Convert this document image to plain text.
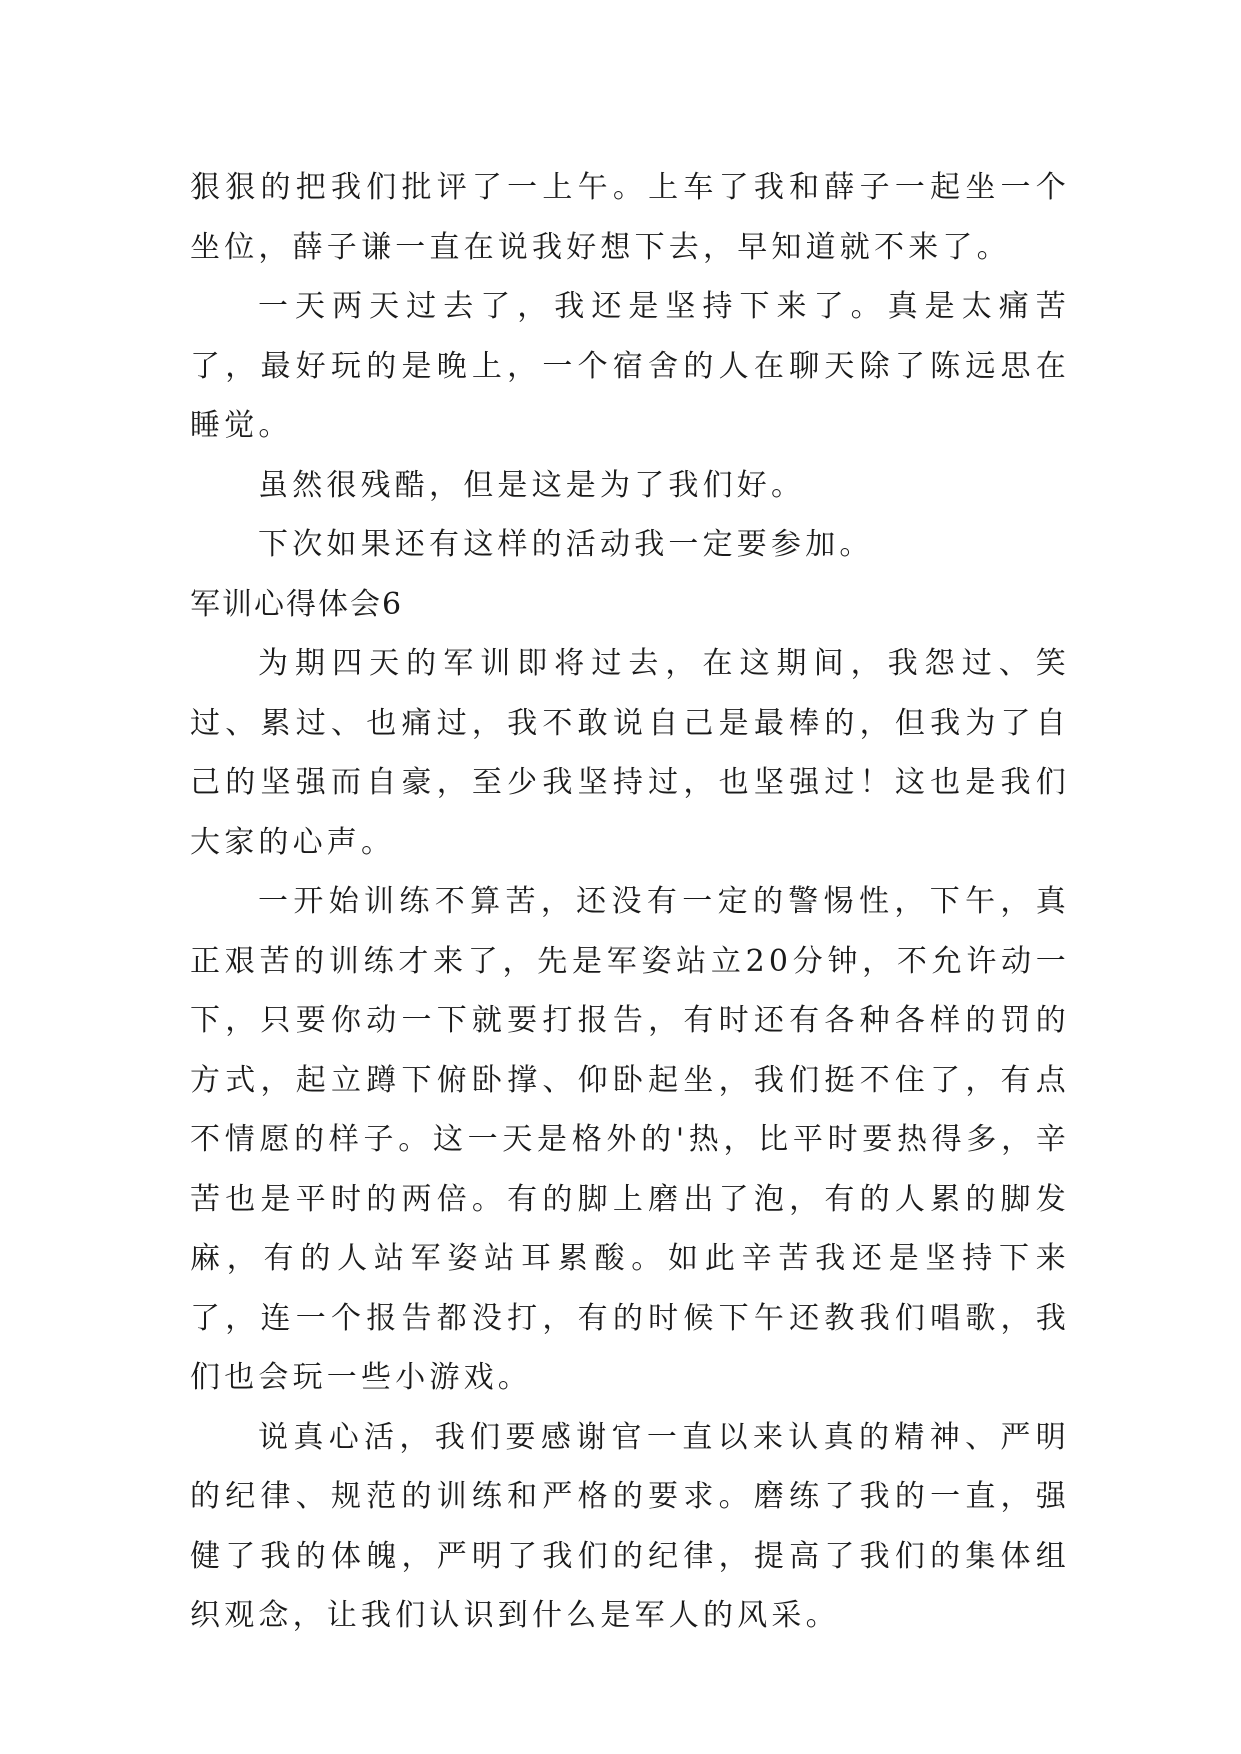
狠狠的把我们批评了一上午。上车了我和薛子一起坐一个坐位，薛子谦一直在说我好想下去，早知道就不来了。

一天两天过去了，我还是坚持下来了。真是太痛苦了，最好玩的是晚上，一个宿舍的人在聊天除了陈远思在睡觉。

虽然很残酷，但是这是为了我们好。

下次如果还有这样的活动我一定要参加。

军训心得体会6

为期四天的军训即将过去，在这期间，我怨过、笑过、累过、也痛过，我不敢说自己是最棒的，但我为了自己的坚强而自豪，至少我坚持过，也坚强过！这也是我们大家的心声。

一开始训练不算苦，还没有一定的警惕性，下午，真正艰苦的训练才来了，先是军姿站立20分钟，不允许动一下，只要你动一下就要打报告，有时还有各种各样的罚的方式，起立蹲下俯卧撑、仰卧起坐，我们挺不住了，有点不情愿的样子。这一天是格外的'热，比平时要热得多，辛苦也是平时的两倍。有的脚上磨出了泡，有的人累的脚发麻，有的人站军姿站耳累酸。如此辛苦我还是坚持下来了，连一个报告都没打，有的时候下午还教我们唱歌，我们也会玩一些小游戏。

说真心活，我们要感谢官一直以来认真的精神、严明的纪律、规范的训练和严格的要求。磨练了我的一直，强健了我的体魄，严明了我们的纪律，提高了我们的集体组织观念，让我们认识到什么是军人的风采。
